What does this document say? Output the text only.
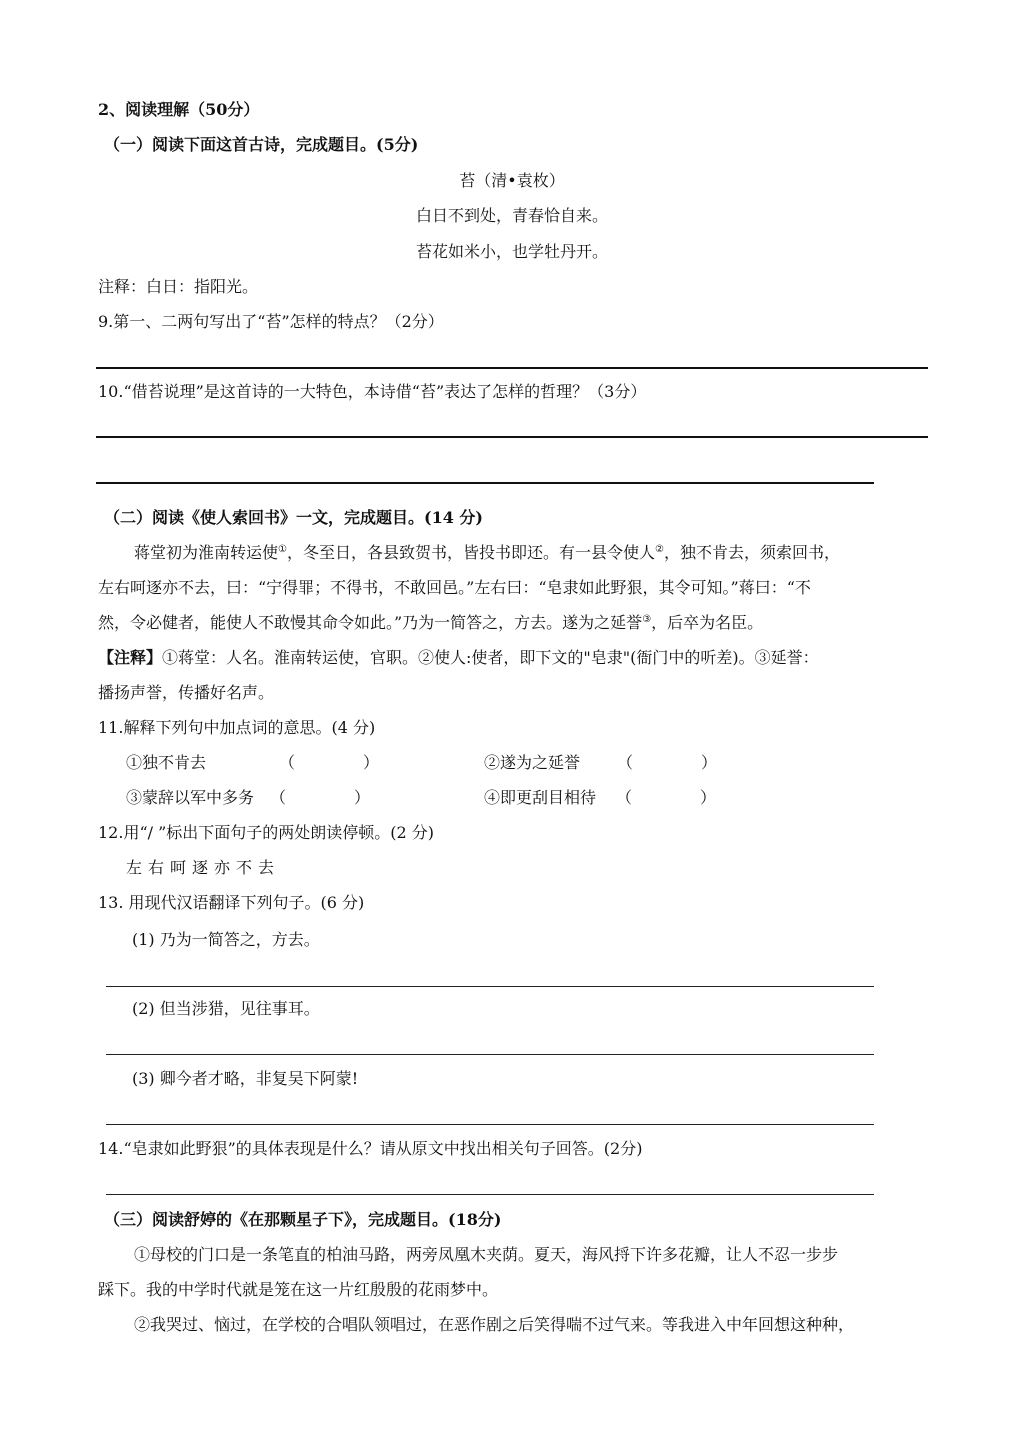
2、阅读理解（50分）
（一）阅读下面这首古诗，完成题目。(5分)
苔（清•袁枚）
白日不到处，青春恰自来。
苔花如米小，也学牡丹开。
注释：白日：指阳光。
9.第一、二两句写出了“苔”怎样的特点？（2分）
10.“借苔说理”是这首诗的一大特色，本诗借“苔”表达了怎样的哲理？（3分）
（二）阅读《使人索回书》一文，完成题目。(14 分)
蒋堂初为淮南转运使①，冬至日，各县致贺书，皆投书即还。有一县令使人②，独不肯去，须索回书，
左右呵逐亦不去，曰：“宁得罪；不得书，不敢回邑。”左右曰：“皂隶如此野狠，其令可知。”蒋曰：“不
然，令必健者，能使人不敢慢其命令如此。”乃为一简答之，方去。遂为之延誉③，后卒为名臣。
【注释】①蒋堂：人名。淮南转运使，官职。②使人:使者，即下文的"皂隶"(衙门中的听差)。③延誉：
播扬声誉，传播好名声。
11.解释下列句中加点词的意思。(4 分)
①独不肯去	（	）	②遂为之延誉 （	）
③蒙辞以军中多务 （	）	④即更刮目相待 （	）
12.用“/ ”标出下面句子的两处朗读停顿。(2 分)
左右呵逐亦不去
13. 用现代汉语翻译下列句子。(6 分)
(1) 乃为一简答之，方去。
(2) 但当涉猎，见往事耳。
(3) 卿今者才略，非复吴下阿蒙!
14.“皂隶如此野狠”的具体表现是什么？请从原文中找出相关句子回答。(2分)
（三）阅读舒婷的《在那颗星子下》，完成题目。(18分)
①母校的门口是一条笔直的柏油马路，两旁凤凰木夹荫。夏天，海风捋下许多花瓣，让人不忍一步步
踩下。我的中学时代就是笼在这一片红殷殷的花雨梦中。
②我哭过、恼过，在学校的合唱队领唱过，在恶作剧之后笑得喘不过气来。等我进入中年回想这种种，
